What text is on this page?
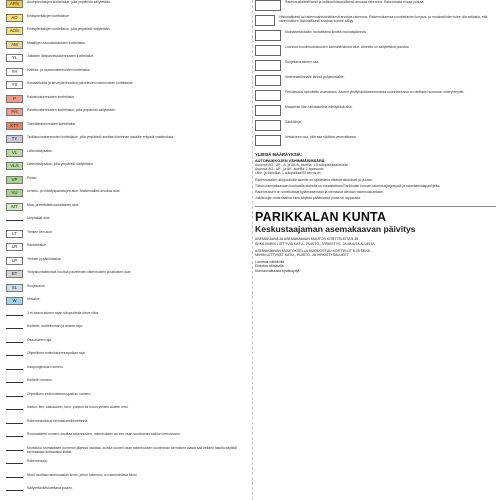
AP/s	Asuinpientalojen korttelialue, jolla ympäristö säilytetään.
AO	Erillispientalojen korttelialue.
AO/s	Erillispientalojen korttelialue, jolla ympäristö säilytetään.
AM	Maatilojen talouskeskusten korttelialue.
YL	Julkisten lähipalvelurakennusten korttelialue.
YH	Hallinto- ja virastorakennusten korttelialue.
YS	Sosiaalitointa ja terveydenhuoltoa palvelevien rakennusten korttelialue.
P	Palvelurakennusten korttelialue.
P/s	Palvelurakennusten korttelialue, jolla ympäristö säilytetään.
KTY	Toimitilarakennusten korttelialue.
TY	Teollisuusrakennusten korttelialue, jolla ympäristö asettaa toiminnan laadulle erityisiä vaatimuksia.
VL	Lähivirkistysalue.
VL/s	Lähivirkistysalue, jolla ympäristö säilytetään.
VP	Puisto.
VU	Urheilu- ja virkistyspalvelujen alue. Maisemallisti arvokas alue.
MT	Maa- ja metsätalousvaltainen alue.
Umpiaidat alue.
LT	Yleisen tien alue.
LR	Rautatiealue.
LP	Yleinen pysäköintialue.
ET	Yhdyskuntateknistä huoltoa palvelevien rakennusten ja laitosten alue.
SL	Suojelualue.
W	Vesialue.
3 m kaava-alueen rajan ulkopuolella oleva viiva.
Korttelin, korttelinosan ja alueen raja.
Osa-alueen raja.
Ohjeellinen tontin/rakennuspaikan raja.
Kaupunginosan numero.
Korttelin numero.
Ohjeellisen tontin/rakennuspaikan numero.
Kadun, tien, katuaukion, torin, puiston tai muun yleisen alueen nimi.
Rakennusoikeus kerrosalaneliömetreinä.
Roomalainen numero osoittaa rakennusten, rakennuksen tai sen osan suurimman sallitun kerrosluvun.
Murtoluku roomalaisen numeron jäljessä osoittaa, kuinka suuren osan rakennuksen suurimman kerroksen alasta saa kellarin tasolla käyttää kerrosalaan luettavaksi tilaksi.
Rakennusala.
Nuoli osoittaa rakennusalan sivun, johon rakennus on rakennettava kiinni.
Säilytettävä/istutettava puurivi.
Rakennustaiteellisesti ja kulttuurihistoriallisesti arvokas rakennus. Rakennusta ei saa purkaa.
Historiallisesti tai rakennushistoriallisesti arvokas rakennus. Rakennuksessa suoritettavien korjaus- ja muutostöiden tulee olla sellaisia, että rakennuksen historiallisesti arvokas luonne säilyy.
Muinaismuistolain rauhoittama kiinteä muinaisjäännös.
Luonnon monimuotoisuuden kannalta tärkeä alue. Alueella on säilytettävä puustoa.
Suojeltava alueen osa.
Vedenhankinnalle tärkeä pohjavesialue.
Perkitavaksi tarkoitettu aluevaraus. Alueen yksityiskohtaisemmassa suunnittelussa on otettava huomioon viheryhteydet.
Maaperän tilan tarkistamista edellyttävä alue.
Sähkölinja.
Vesialueen osa, jolle saa sijoittaa venevalkama.

YLEISIÄ MÄÄRÄYKSIÄ:

AUTOPAIKKOJEN VÄHIMMÄISMÄÄRÄ

Asunnot AO-, AP-, A- ja AK/A- alueilla: 1,5 autopaikkaa/asunto

Asunnot AO-, AP-, ja AK- alueilla: 1 ap/asunto

Liike- ja toimitilat: 1 autopaikka/50 kerros-m²

Rakennusalan ulkopuolisille alueille on sijoitettava riittävät istutukset ja puusto.

Tähän asemakaavaan kuuluvalla alueella on noudatettava Parikkalan kunnan rakennusjärjestystä ja rakentamistapaohjetta.

Rakennuksen on sovelluttava kylämaisemaan ja olemassa olevaan rakennuskantaan.

Julkisivujen materiaalina tulee käyttää pääasiassa puuta tai rappausta.

PARIKKALAN KUNTA

Keskustaajaman asemakaavan päivitys

ASEMAKAAVA JA ASEMAKAAVAN MUUTOS KORTTELEITA 5-35

SEKÄ NIIHIN LIITTYVIÄ KATU-, PUISTO-, VIRKISTYS- JA MUUTA ALUEITA

ASEMAKAAVAN MUUTOKSELLA MUODOSTUU KORTTELIT 5-35 SEKÄ

NIIHIN LIITTYVÄT KATU-, PUISTO- JA VIRKISTYSALUEET

Luonnos nähtävillä

Ehdotus nähtävillä

Kunnanvaltuusto hyväksynyt
